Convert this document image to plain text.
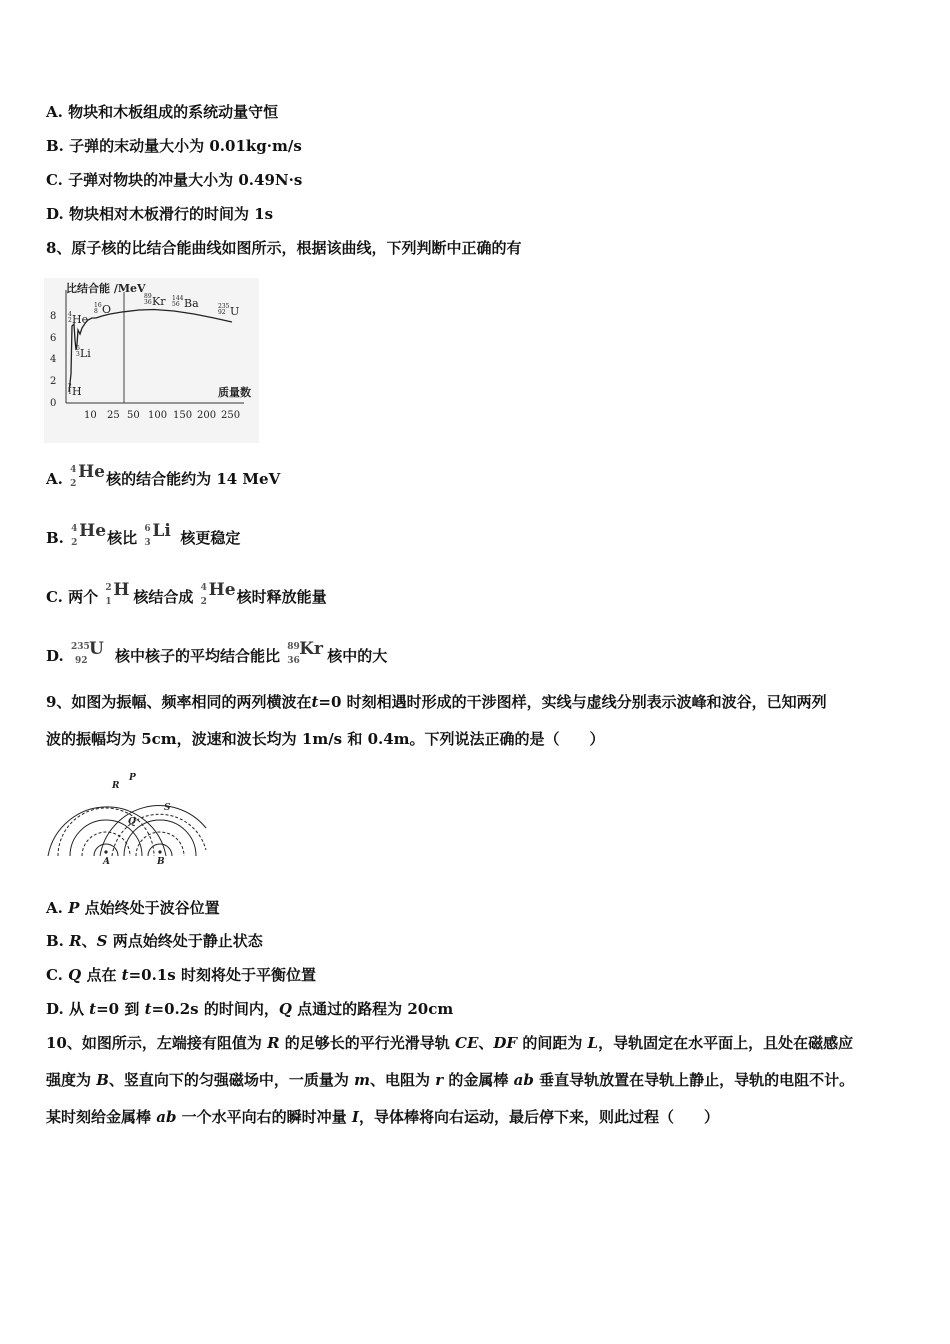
A. 物块和木板组成的系统动量守恒
B. 子弹的末动量大小为 0.01kg·m/s
C. 子弹对物块的冲量大小为 0.49N·s
D. 物块相对木板滑行的时间为 1s
8、原子核的比结合能曲线如图所示，根据该曲线，下列判断中正确的有
比结合能 /MeV
质量数
0
2
4
6
8
10 25 50 100 150 200 250
4
2 He
6
3 Li
2
1 H
16
8 O
89
36 Kr 144
56 Ba	235
92 U
A. 4
2
He 核的结合能约为 14 MeV
B. 4
2
He 核比 6
3
Li 核更稳定
C. 两个 2
1
H 核结合成 4
2
He 核时释放能量
D. 235
92
U 核中核子的平均结合能比 89
36
Kr 核中的大
9、如图为振幅、频率相同的两列横波在t=0 时刻相遇时形成的干涉图样，实线与虚线分别表示波峰和波谷，已知两列
波的振幅均为 5cm，波速和波长均为 1m/s 和 0.4m。下列说法正确的是（　　）
P
R
Q
S
A	B
A. P 点始终处于波谷位置
B. R、S 两点始终处于静止状态
C. Q 点在 t=0.1s 时刻将处于平衡位置
D. 从 t=0 到 t=0.2s 的时间内，Q 点通过的路程为 20cm
10、如图所示，左端接有阻值为 R 的足够长的平行光滑导轨 CE、DF 的间距为 L，导轨固定在水平面上，且处在磁感应
强度为 B、竖直向下的匀强磁场中，一质量为 m、电阻为 r 的金属棒 ab 垂直导轨放置在导轨上静止，导轨的电阻不计。
某时刻给金属棒 ab 一个水平向右的瞬时冲量 I，导体棒将向右运动，最后停下来，则此过程（　　）
